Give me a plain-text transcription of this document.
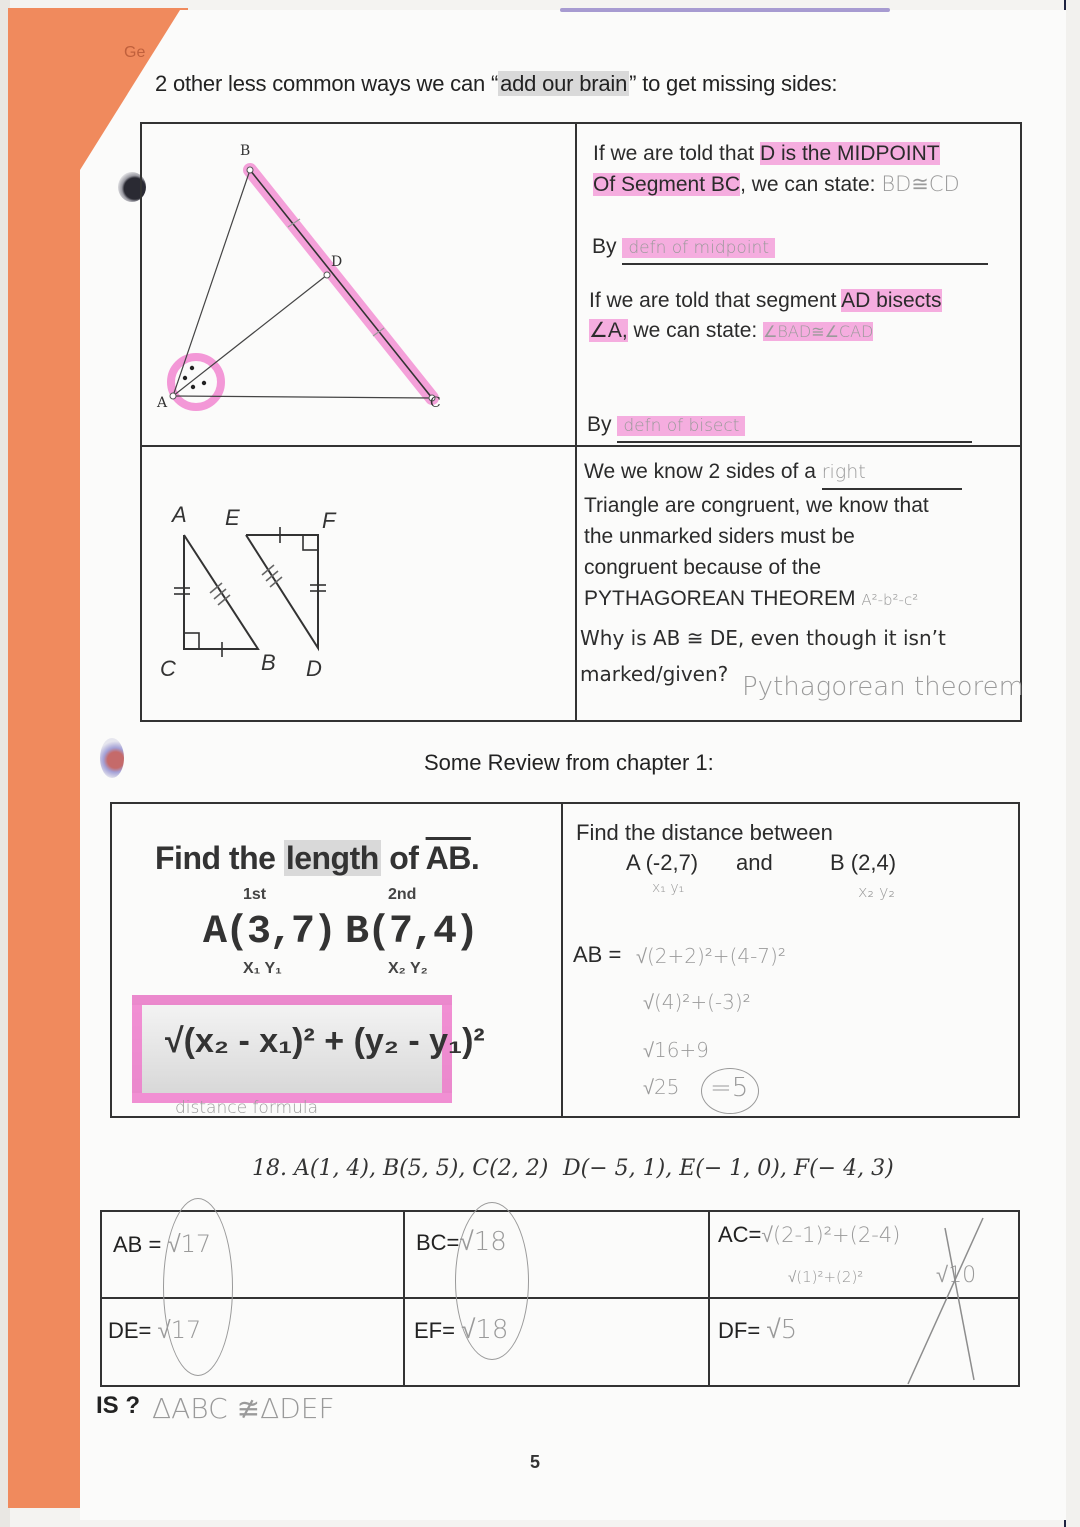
Ge
2 other less common ways we can “add our brain” to get missing sides:
B
D
A	C
If we are told that D is the MIDPOINT
Of Segment BC, we can state: BD≅CD
By defn of midpoint
If we are told that segment AD bisects
∠A, we can state: ∠BAD≅∠CAD
By defn of bisect
A E	F
C	B D
We we know 2 sides of a right
Triangle are congruent, we know that
the unmarked siders must be
congruent because of the
PYTHAGOREAN THEOREM A²-b²-c²
Why is AB ≅ DE, even though it isn’t
marked/given? Pythagorean theorem
Some Review from chapter 1:
Find the length of $\overline{AB}$.
1st	2nd
A(3,7) B(7,4)
X₁ Y₁	X₂ Y₂
√(x₂ - x₁)² + (y₂ - y₁)²
distance formula
Find the distance between
A (-2,7) and	B (2,4)
x₁ y₁	x₂ y₂
AB = √(2+2)²+(4-7)²
√(4)²+(-3)²
√16+9
√25 =5
18. A(1, 4), B(5, 5), C(2, 2) D(− 5, 1), E(− 1, 0), F(− 4, 3)
AB = √17	BC=√18	AC=√(2-1)²+(2-4)
√(1)²+(2)²	√10
DE= √17	EF= √18	DF= √5
IS ? ΔABC ≇ΔDEF
5
